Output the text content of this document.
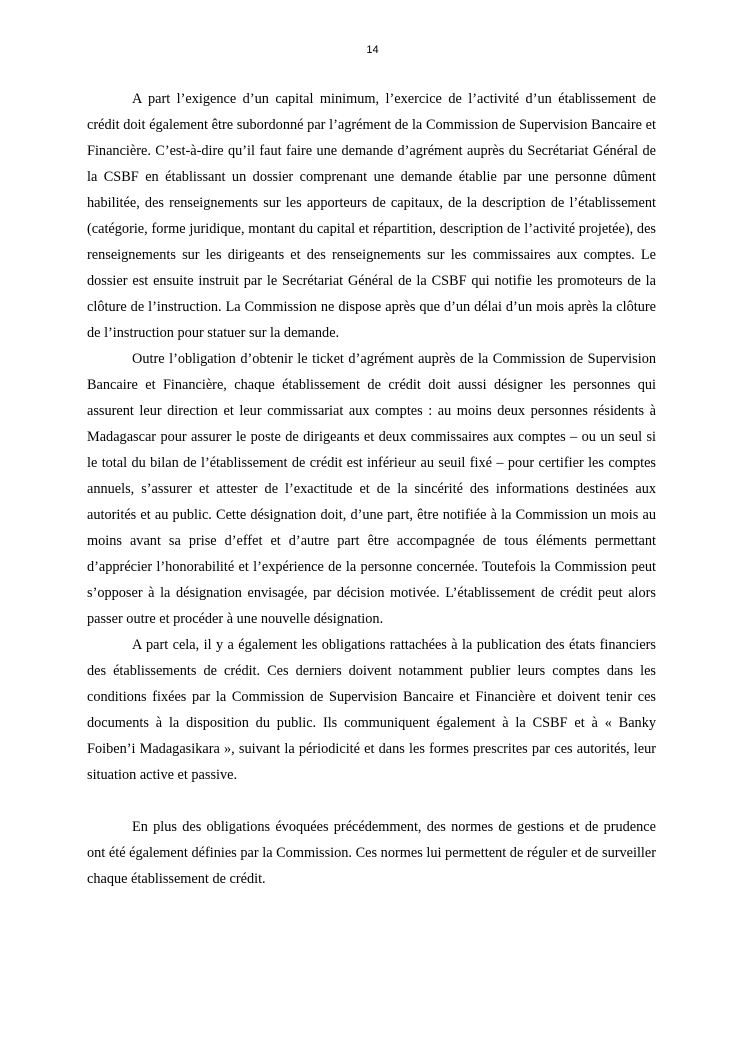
14

A part l’exigence d’un capital minimum, l’exercice de l’activité d’un établissement de crédit doit également être subordonné par l’agrément de la Commission de Supervision Bancaire et Financière. C’est-à-dire qu’il faut faire une demande d’agrément auprès du Secrétariat Général de la CSBF en établissant un dossier comprenant une demande établie par une personne dûment habilitée, des renseignements sur les apporteurs de capitaux, de la description de l’établissement (catégorie, forme juridique, montant du capital et répartition, description de l’activité projetée), des renseignements sur les dirigeants et des renseignements sur les commissaires aux comptes. Le dossier est ensuite instruit par le Secrétariat Général de la CSBF qui notifie les promoteurs de la clôture de l’instruction. La Commission ne dispose après que d’un délai d’un mois après la clôture de l’instruction pour statuer sur la demande.

Outre l’obligation d’obtenir le ticket d’agrément auprès de la Commission de Supervision Bancaire et Financière, chaque établissement de crédit doit aussi désigner les personnes qui assurent leur direction et leur commissariat aux comptes : au moins deux personnes résidents à Madagascar pour assurer le poste de dirigeants et deux commissaires aux comptes – ou un seul si le total du bilan de l’établissement de crédit est inférieur au seuil fixé – pour certifier les comptes annuels, s’assurer et attester de l’exactitude et de la sincérité des informations destinées aux autorités et au public. Cette désignation doit, d’une part, être notifiée à la Commission un mois au moins avant sa prise d’effet et d’autre part être accompagnée de tous éléments permettant d’apprécier l’honorabilité et l’expérience de la personne concernée. Toutefois la Commission peut s’opposer à la désignation envisagée, par décision motivée. L’établissement de crédit peut alors passer outre et procéder à une nouvelle désignation.

A part cela, il y a également les obligations rattachées à la publication des états financiers des établissements de crédit. Ces derniers doivent notamment publier leurs comptes dans les conditions fixées par la Commission de Supervision Bancaire et Financière et doivent tenir ces documents à la disposition du public. Ils communiquent également à la CSBF et à « Banky Foiben’i Madagasikara », suivant la périodicité et dans les formes prescrites par ces autorités, leur situation active et passive.

En plus des obligations évoquées précédemment, des normes de gestions et de prudence ont été également définies par la Commission. Ces normes lui permettent de réguler et de surveiller chaque établissement de crédit.
